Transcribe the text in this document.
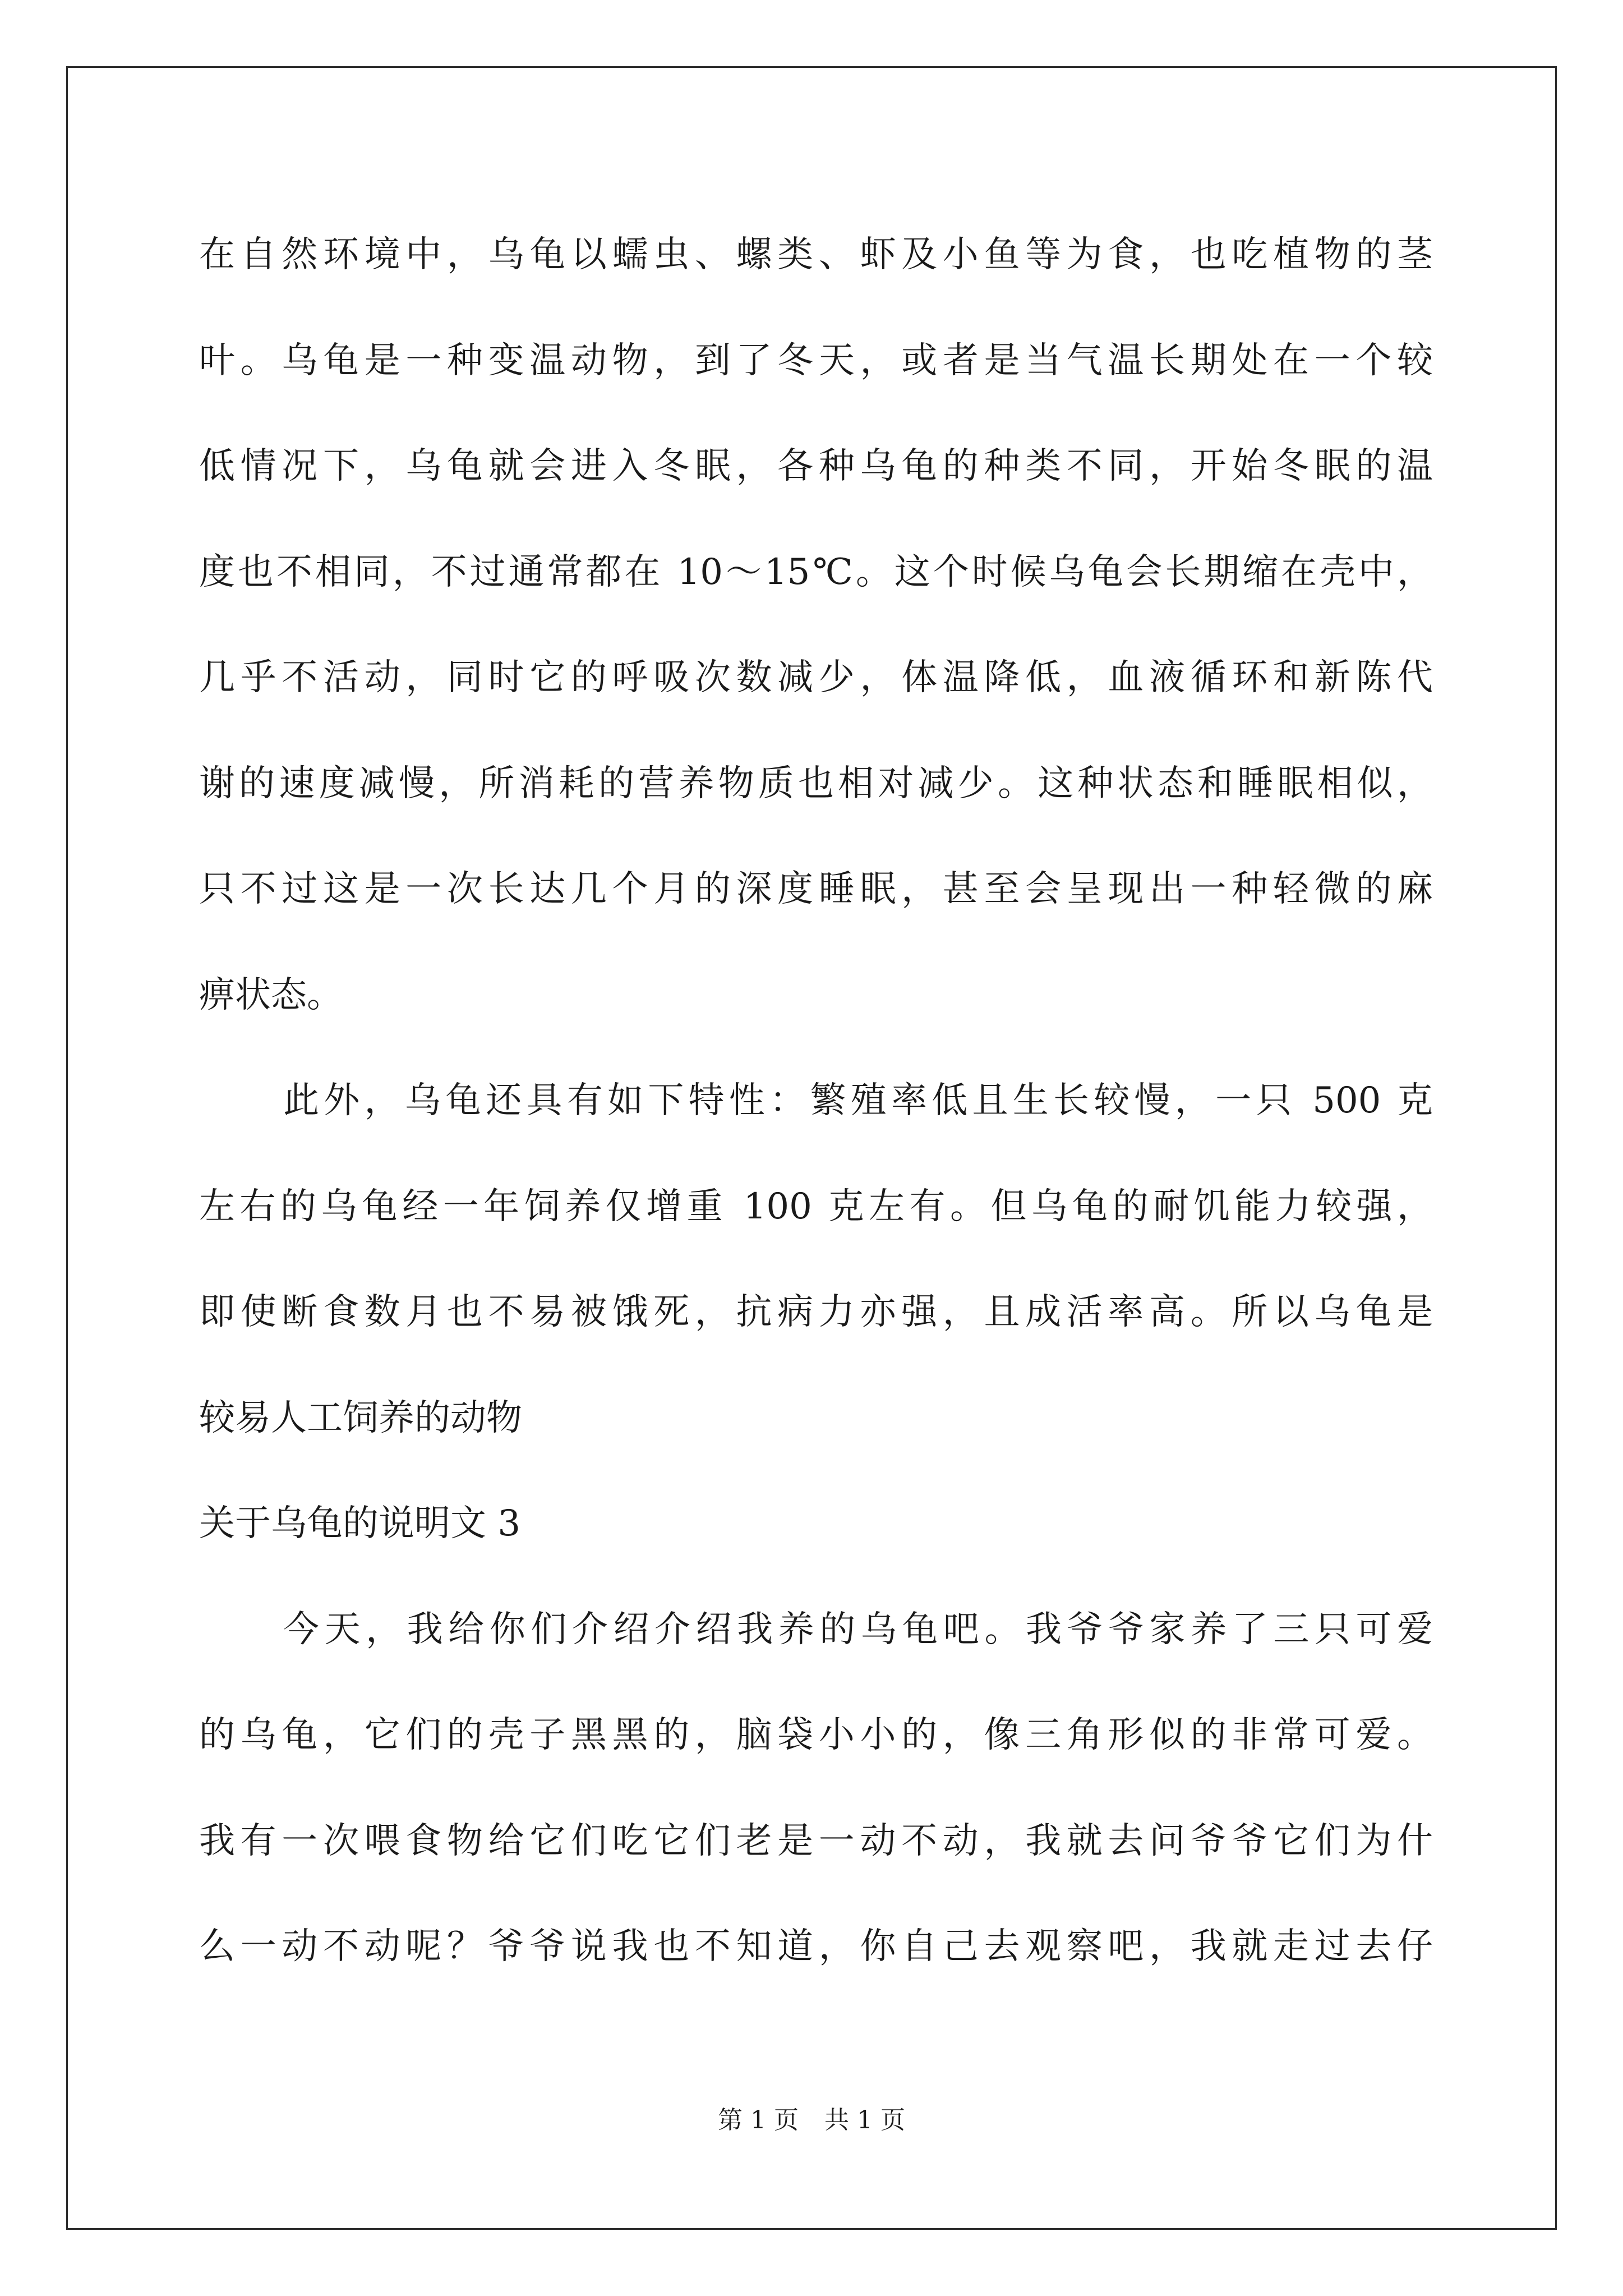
在自然环境中，乌龟以蠕虫、螺类、虾及小鱼等为食，也吃植物的茎
叶。乌龟是一种变温动物，到了冬天，或者是当气温长期处在一个较
低情况下，乌龟就会进入冬眠，各种乌龟的种类不同，开始冬眠的温
度也不相同，不过通常都在 10～15℃。这个时候乌龟会长期缩在壳中，
几乎不活动，同时它的呼吸次数减少，体温降低，血液循环和新陈代
谢的速度减慢，所消耗的营养物质也相对减少。这种状态和睡眠相似，
只不过这是一次长达几个月的深度睡眠，甚至会呈现出一种轻微的麻
痹状态。
此外，乌龟还具有如下特性：繁殖率低且生长较慢，一只 500 克
左右的乌龟经一年饲养仅增重 100 克左有。但乌龟的耐饥能力较强，
即使断食数月也不易被饿死，抗病力亦强，且成活率高。所以乌龟是
较易人工饲养的动物
关于乌龟的说明文 3
今天，我给你们介绍介绍我养的乌龟吧。我爷爷家养了三只可爱
的乌龟，它们的壳子黑黑的，脑袋小小的，像三角形似的非常可爱。
我有一次喂食物给它们吃它们老是一动不动，我就去问爷爷它们为什
么一动不动呢？爷爷说我也不知道，你自己去观察吧，我就走过去仔
第 1 页 共 1 页
